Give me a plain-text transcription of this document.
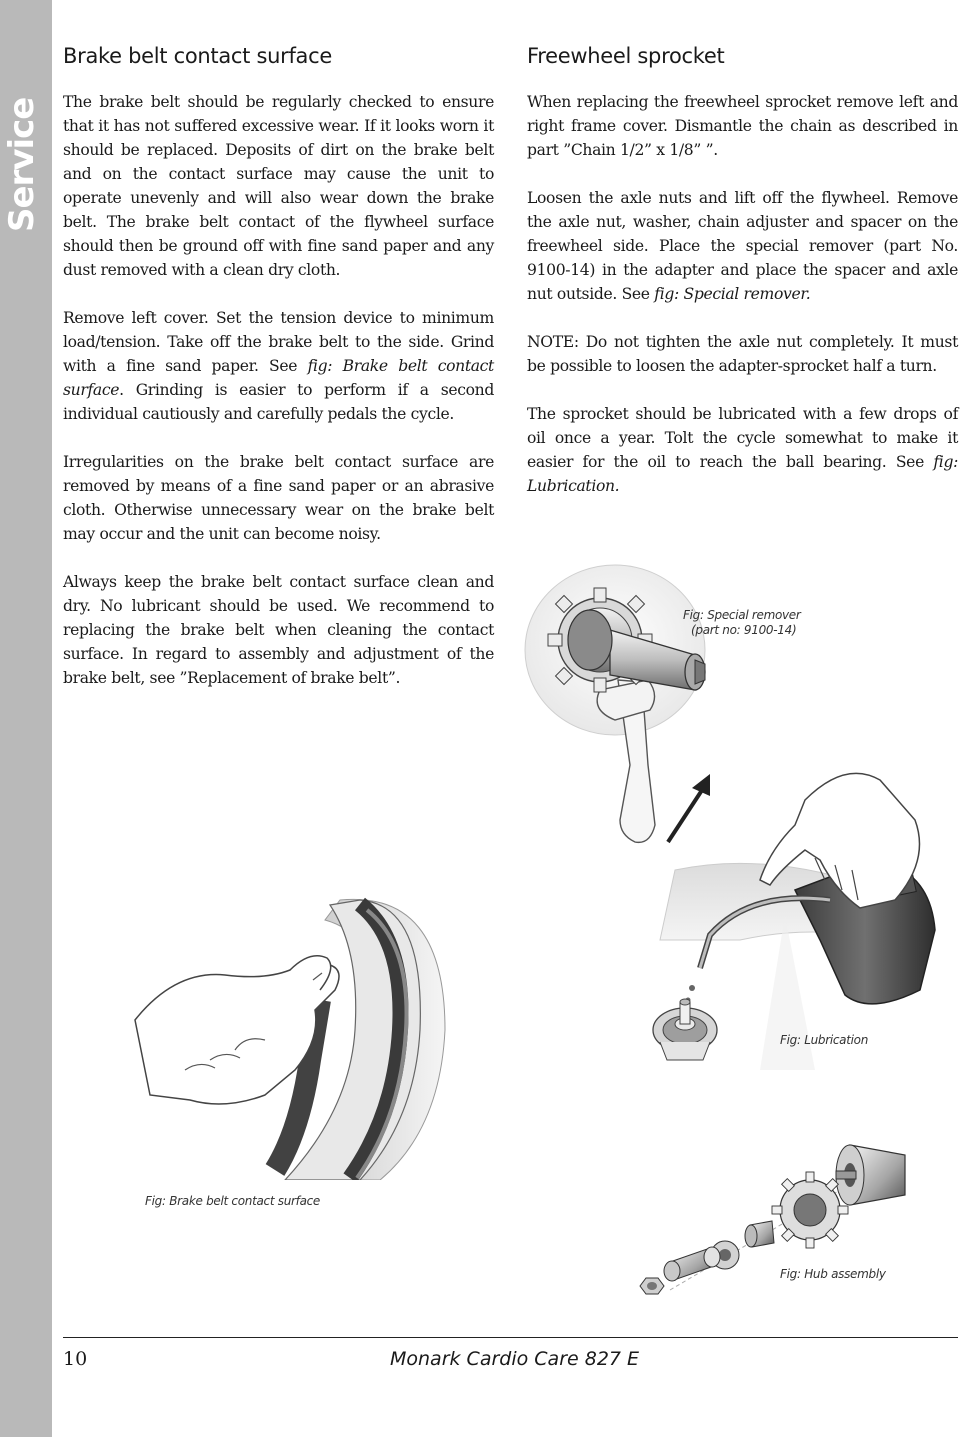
Service
Brake belt contact surface

The brake belt should be regularly checked to ensure that it has not suffered excessive wear. If it looks worn it should be replaced. Deposits of dirt on the brake belt and on the contact surface may cause the unit to operate unevenly and will also wear down the brake belt. The brake belt contact of the flywheel surface should then be ground off with fine sand paper and any dust removed with a clean dry cloth.

Remove left cover. Set the tension device to minimum load/tension. Take off the brake belt to the side. Grind with a fine sand paper. See fig: Brake belt contact surface. Grinding is easier to perform if a second individual cautiously and carefully pedals the cycle.

Irregularities on the brake belt contact surface are removed by means of a fine sand paper or an abrasive cloth. Otherwise unnecessary wear on the brake belt may occur and the unit can become noisy.

Always keep the brake belt contact surface clean and dry. No lubricant should be used. We recommend to replacing the brake belt when cleaning the contact surface. In regard to assembly and adjustment of the brake belt, see ”Replacement of brake belt”.

Freewheel sprocket

When replacing the freewheel sprocket remove left and right frame cover. Dismantle the chain as described in part ”Chain 1/2” x 1/8” ”.

Loosen the axle nuts and lift off the flywheel. Remove the axle nut, washer, chain adjuster and spacer on the freewheel side. Place the special remover (part No. 9100-14) in the adapter and place the spacer and axle nut outside. See fig: Special remover.

NOTE: Do not tighten the axle nut completely. It must be possible to loosen the adapter-sprocket half a turn.

The sprocket should be lubricated with a few drops of oil once a year. Tolt the cycle somewhat to make it easier for the oil to reach the ball bearing. See fig: Lubrication.

Fig: Special remover
(part no: 9100-14)
Fig: Lubrication
Fig: Brake belt contact surface
Fig: Hub assembly
10	Monark Cardio Care 827 E
